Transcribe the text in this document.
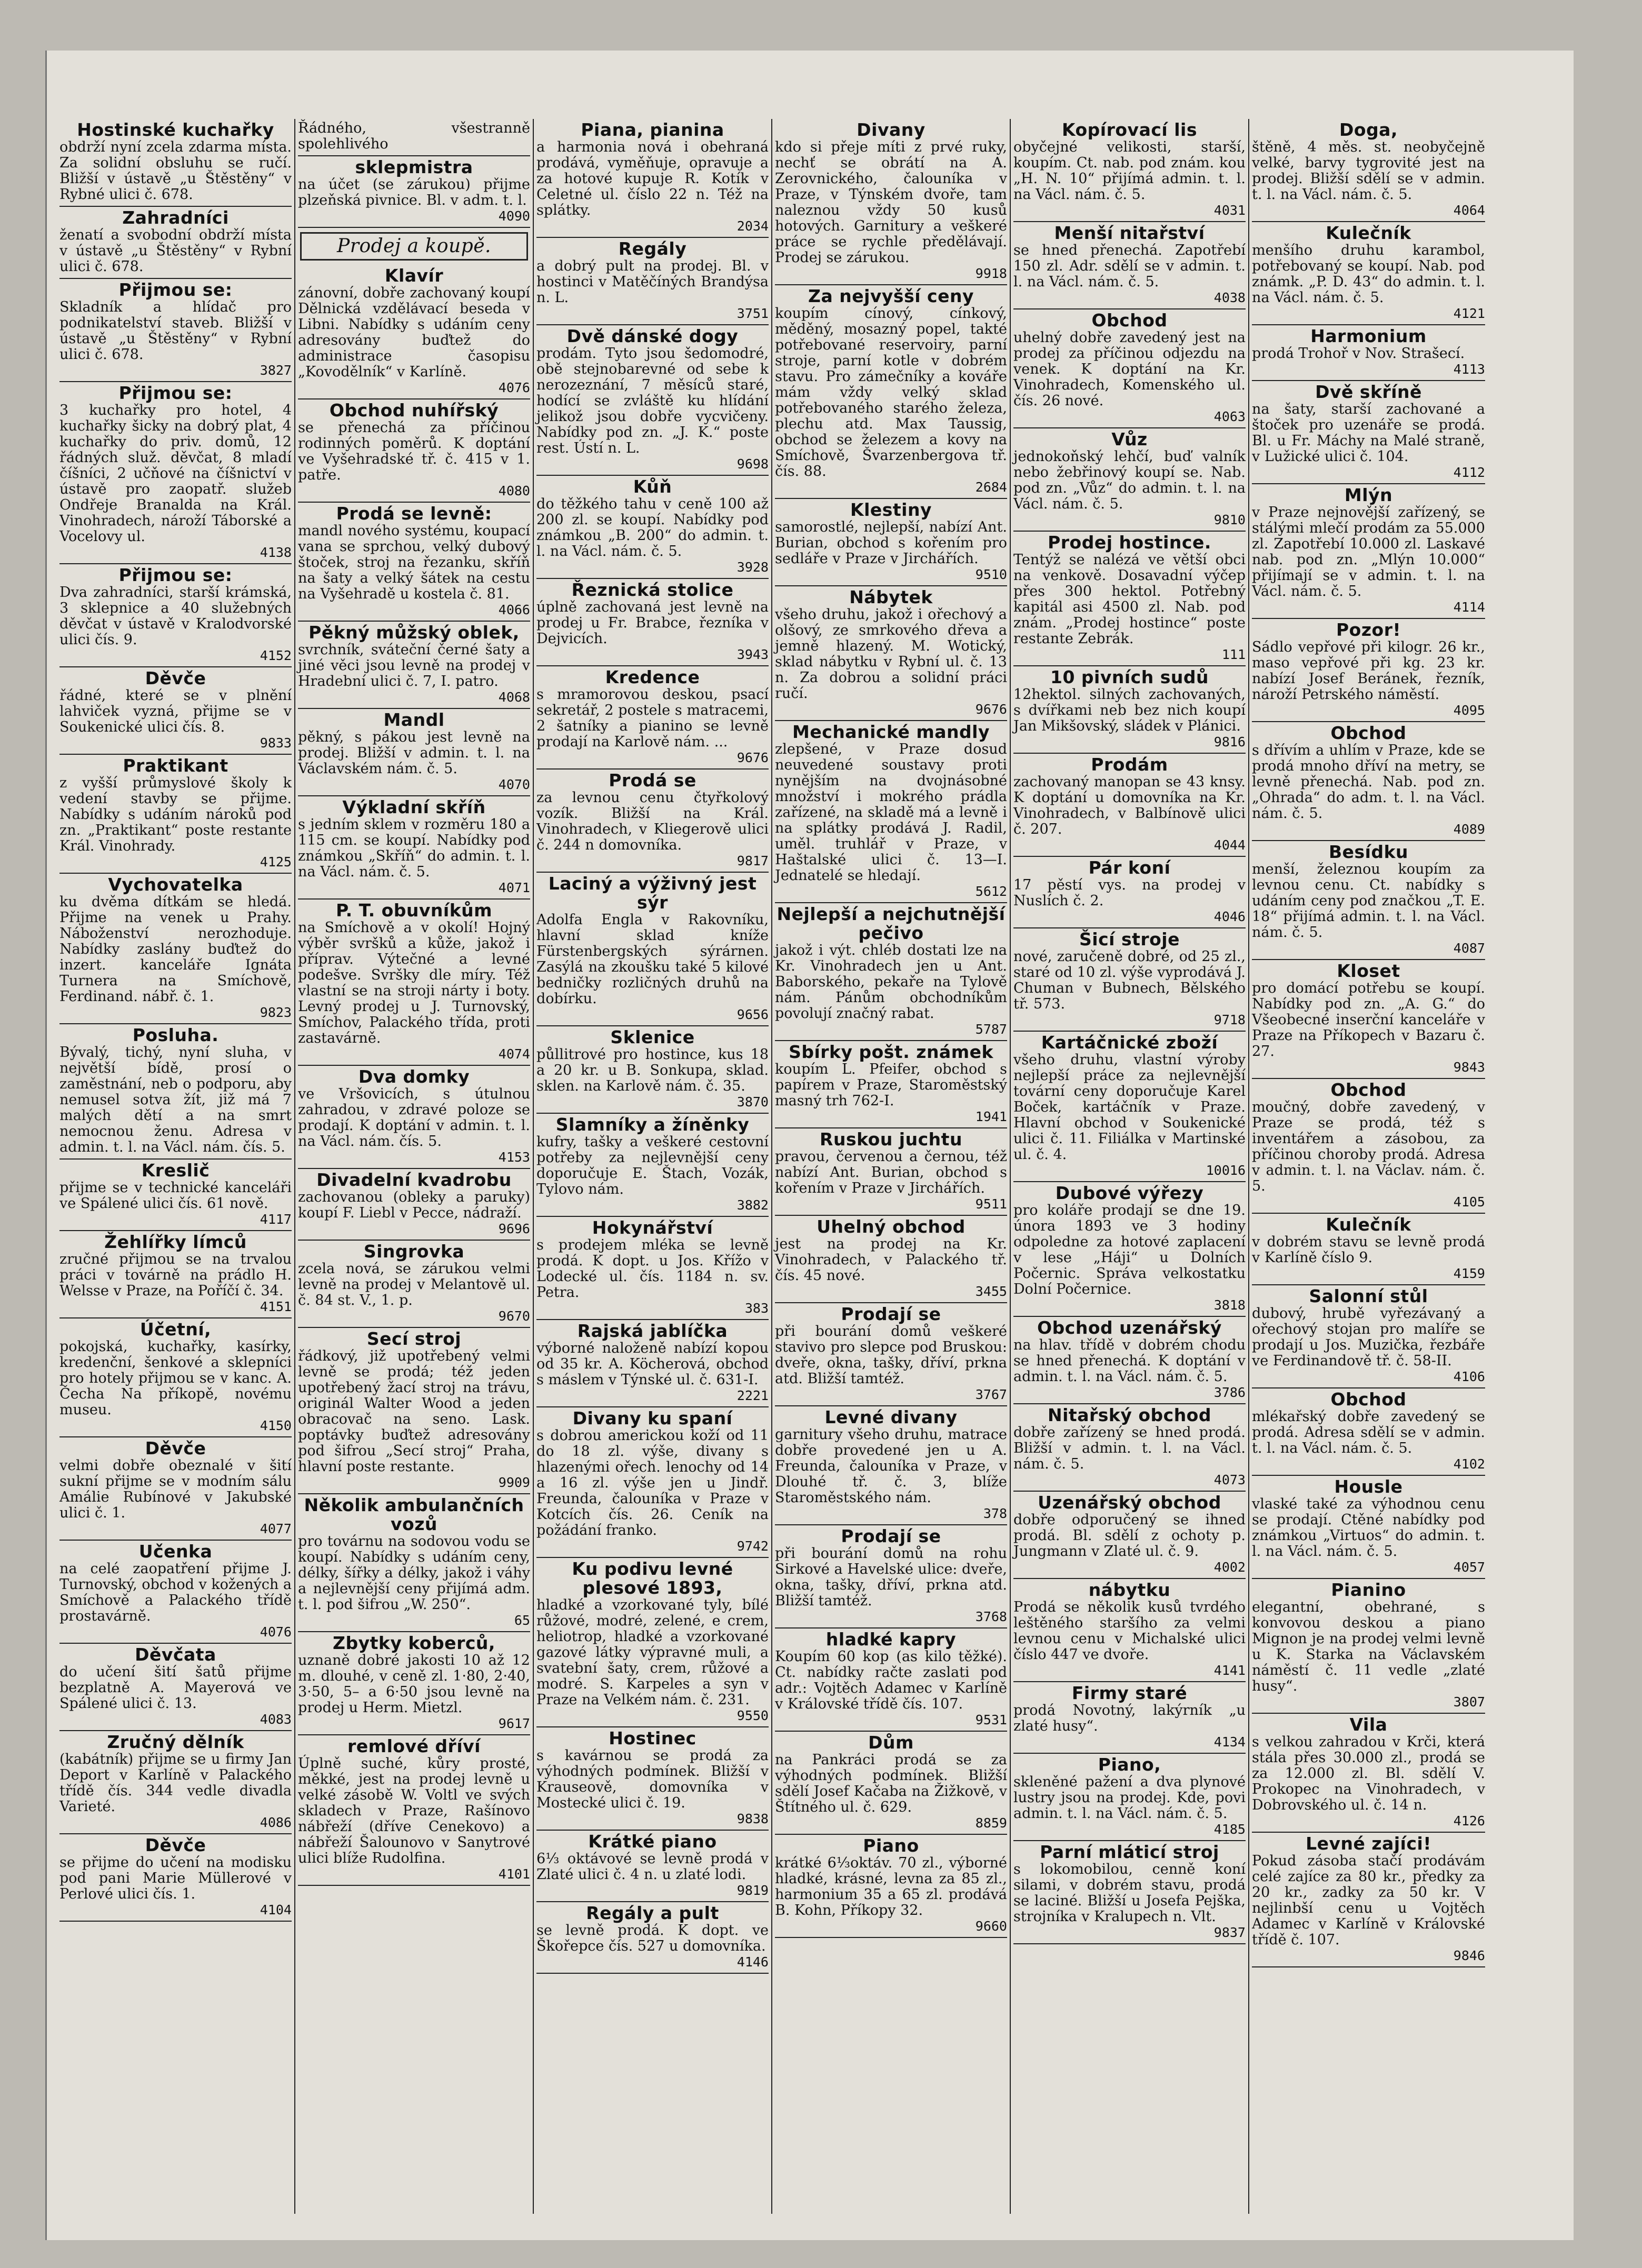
Hostinské kuchařky

obdrží nyní zcela zdarma místa. Za solidní obsluhu se ručí. Bližší v ústavě „u Štěstěny“ v Rybné ulici č. 678.

Zahradníci

ženatí a svobodní obdrží místa v ústavě „u Štěstěny“ v Rybní ulici č. 678.

Přijmou se:

Skladník a hlídač pro podnikatelství staveb. Bližší v ústavě „u Štěstěny“ v Rybní ulici č. 678.

3827
Přijmou se:

3 kuchařky pro hotel, 4 kuchařky šicky na dobrý plat, 4 kuchařky do priv. domů, 12 řádných služ. děvčat, 8 mladí číšníci, 2 učňové na číšnictví v ústavě pro zaopatř. služeb Ondřeje Branalda na Král. Vinohradech, nároží Táborské a Vocelovy ul.

4138
Přijmou se:

Dva zahradníci, starší krámská, 3 sklepnice a 40 služebných děvčat v ústavě v Kralodvorské ulici čís. 9.

4152
Děvče

řádné, které se v plnění lahviček vyzná, přijme se v Soukenické ulici čís. 8.

9833
Praktikant

z vyšší průmyslové školy k vedení stavby se přijme. Nabídky s udáním nároků pod zn. „Praktikant“ poste restante Král. Vinohrady.

4125
Vychovatelka

ku dvěma dítkám se hledá. Přijme na venek u Prahy. Náboženství nerozhoduje. Nabídky zaslány buďtež do inzert. kanceláře Ignáta Turnera na Smíchově, Ferdinand. nábř. č. 1.

9823
Posluha.

Bývalý, tichý, nyní sluha, v největší bídě, prosí o zaměstnání, neb o podporu, aby nemusel sotva žít, již má 7 malých dětí a na smrt nemocnou ženu. Adresa v admin. t. l. na Václ. nám. čís. 5.

Kreslič

přijme se v technické kanceláři ve Spálené ulici čís. 61 nově.

4117
Žehlířky límců

zručné přijmou se na trvalou práci v továrně na prádlo H. Welsse v Praze, na Poříčí č. 34.

4151
Účetní,

pokojská, kuchařky, kasírky, kredenční, šenkové a sklepníci pro hotely přijmou se v kanc. A. Čecha Na příkopě, novému museu.

4150
Děvče

velmi dobře obeznalé v šití sukní přijme se v modním sálu Amálie Rubínové v Jakubské ulici č. 1.

4077
Učenka

na celé zaopatření přijme J. Turnovský, obchod v kožených a Smíchově a Palackého třídě prostavárně.

4076
Děvčata

do učení šití šatů přijme bezplatně A. Mayerová ve Spálené ulici č. 13.

4083
Zručný dělník

(kabátník) přijme se u firmy Jan Deport v Karlíně v Palackého třídě čís. 344 vedle divadla Varieté.

4086
Děvče

se přijme do učení na modisku pod pani Marie Müllerové v Perlové ulici čís. 1.

4104

Řádného, všestranně spolehlivého

sklepmistra

na účet (se zárukou) přijme plzeňská pivnice. Bl. v adm. t. l.

4090
Prodej a koupě.
Klavír

zánovní, dobře zachovaný koupí Dělnická vzdělávací beseda v Libni. Nabídky s udáním ceny adresovány buďtež do administrace časopisu „Kovodělník“ v Karlíně.

4076
Obchod nuhířský

se přenechá za příčinou rodinných poměrů. K doptání ve Vyšehradské tř. č. 415 v 1. patře.

4080
Prodá se levně:

mandl nového systému, koupací vana se sprchou, velký dubový štoček, stroj na řezanku, skříň na šaty a velký šátek na cestu na Vyšehradě u kostela č. 81.

4066
Pěkný můžský oblek,

svrchník, sváteční černé šaty a jiné věci jsou levně na prodej v Hradební ulici č. 7, I. patro.

4068
Mandl

pěkný, s pákou jest levně na prodej. Bližší v admin. t. l. na Václavském nám. č. 5.

4070
Výkladní skříň

s jedním sklem v rozměru 180 a 115 cm. se koupí. Nabídky pod známkou „Skříň“ do admin. t. l. na Václ. nám. č. 5.

4071
P. T. obuvníkům

na Smíchově a v okolí! Hojný výběr svršků a kůže, jakož i příprav. Výtečné a levné podešve. Svršky dle míry. Též vlastní se na stroji nárty i boty. Levný prodej u J. Turnovský, Smíchov, Palackého třída, proti zastavárně.

4074
Dva domky

ve Vršovicích, s útulnou zahradou, v zdravé poloze se prodají. K doptání v admin. t. l. na Václ. nám. čís. 5.

4153
Divadelní kvadrobu

zachovanou (obleky a paruky) koupí F. Liebl v Pecce, nádraží.

9696
Singrovka

zcela nová, se zárukou velmi levně na prodej v Melantově ul. č. 84 st. V., 1. p.

9670
Secí stroj

řádkový, již upotřebený velmi levně se prodá; též jeden upotřebený žací stroj na trávu, originál Walter Wood a jeden obracovač na seno. Lask. poptávky buďtež adresovány pod šifrou „Secí stroj“ Praha, hlavní poste restante.

9909
Několik ambulančních vozů

pro továrnu na sodovou vodu se koupí. Nabídky s udáním ceny, délky, šířky a délky, jakož i váhy a nejlevnější ceny přijímá adm. t. l. pod šifrou „W. 250“.

65
Zbytky koberců,

uznaně dobré jakosti 10 až 12 m. dlouhé, v ceně zl. 1·80, 2·40, 3·50, 5– a 6·50 jsou levně na prodej u Herm. Mietzl.

9617
remlové dříví

Úplně suché, kůry prosté, měkké, jest na prodej levně u velké zásobě W. Voltl ve svých skladech v Praze, Rašínovo nábřeží (dříve Cenekovo) a nábřeží Šalounovo v Sanytrové ulici blíže Rudolfina.

4101
Piana, pianina

a harmonia nová i obehraná prodává, vyměňuje, opravuje a za hotové kupuje R. Kotík v Celetné ul. číslo 22 n. Též na splátky.

2034
Regály

a dobrý pult na prodej. Bl. v hostinci v Matěčíných Brandýsa n. L.

3751
Dvě dánské dogy

prodám. Tyto jsou šedomodré, obě stejnobarevné od sebe k nerozeznání, 7 měsíců staré, hodící se zvláště ku hlídání jelikož jsou dobře vycvičeny. Nabídky pod zn. „J. K.“ poste rest. Ústí n. L.

9698
Kůň

do těžkého tahu v ceně 100 až 200 zl. se koupí. Nabídky pod známkou „B. 200“ do admin. t. l. na Václ. nám. č. 5.

3928
Řeznická stolice

úplně zachovaná jest levně na prodej u Fr. Brabce, řezníka v Dejvicích.

3943
Kredence

s mramorovou deskou, psací sekretář, 2 postele s matracemi, 2 šatníky a pianino se levně prodají na Karlově nám. ...

9676
Prodá se

za levnou cenu čtyřkolový vozík. Bližší na Král. Vinohradech, v Kliegerově ulici č. 244 n domovníka.

9817
Laciný a výživný jest sýr

Adolfa Engla v Rakovníku, hlavní sklad kníže Fürstenbergských sýrárnen. Zasýlá na zkoušku také 5 kilové bedničky rozličných druhů na dobírku.

9656
Sklenice

půllitrové pro hostince, kus 18 a 20 kr. u B. Sonkupa, sklad. sklen. na Karlově nám. č. 35.

3870
Slamníky a žíněnky

kufry, tašky a veškeré cestovní potřeby za nejlevnější ceny doporučuje E. Štach, Vozák, Tylovo nám.

3882
Hokynářství

s prodejem mléka se levně prodá. K dopt. u Jos. Křížo v Lodecké ul. čís. 1184 n. sv. Petra.

383
Rajská jablíčka

výborné naloženě nabízí kopou od 35 kr. A. Köcherová, obchod s máslem v Týnské ul. č. 631-I.

2221
Divany ku spaní

s dobrou americkou koží od 11 do 18 zl. výše, divany s hlazenými ořech. lenochy od 14 a 16 zl. výše jen u Jindř. Freunda, čalouníka v Praze v Kotcích čís. 26. Ceník na požádání franko.

9742
Ku podivu levné plesové 1893,

hladké a vzorkované tyly, bílé růžové, modré, zelené, e crem, heliotrop, hladké a vzorkované gazové látky výpravné muli, a svatební šaty, crem, růžové a modré. S. Karpeles a syn v Praze na Velkém nám. č. 231.

9550
Hostinec

s kavárnou se prodá za výhodných podmínek. Bližší v Krauseově, domovníka v Mostecké ulici č. 19.

9838
Krátké piano

6⅓ oktávové se levně prodá v Zlaté ulici č. 4 n. u zlaté lodi.

9819
Regály a pult

se levně prodá. K dopt. ve Škořepce čís. 527 u domovníka.

4146
Divany

kdo si přeje míti z prvé ruky, nechť se obrátí na A. Zerovnického, čalouníka v Praze, v Týnském dvoře, tam naleznou vždy 50 kusů hotových. Garnitury a veškeré práce se rychle předělávají. Prodej se zárukou.

9918
Za nejvyšší ceny

koupím cínový, cínkový, měděný, mosazný popel, takté potřebované reservoiry, parní stroje, parní kotle v dobrém stavu. Pro zámečníky a kováře mám vždy velký sklad potřebovaného starého železa, plechu atd. Max Taussig, obchod se železem a kovy na Smíchově, Švarzenbergova tř. čís. 88.

2684
Klestiny

samorostlé, nejlepší, nabízí Ant. Burian, obchod s kořením pro sedláře v Praze v Jirchářích.

9510
Nábytek

všeho druhu, jakož i ořechový a olšový, ze smrkového dřeva a jemně hlazený. M. Wotický, sklad nábytku v Rybní ul. č. 13 n. Za dobrou a solidní práci ručí.

9676
Mechanické mandly

zlepšené, v Praze dosud neuvedené soustavy proti nynějším na dvojnásobné množství i mokrého prádla zařízené, na skladě má a levně i na splátky prodává J. Radil, uměl. truhlář v Praze, v Haštalské ulici č. 13—I. Jednatelé se hledají.

5612
Nejlepší a nejchutnější pečivo

jakož i výt. chléb dostati lze na Kr. Vinohradech jen u Ant. Baborského, pekaře na Tylově nám. Pánům obchodníkům povolují značný rabat.

5787
Sbírky pošt. známek

koupím L. Pfeifer, obchod s papírem v Praze, Staroměstský masný trh 762-I.

1941
Ruskou juchtu

pravou, červenou a černou, též nabízí Ant. Burian, obchod s kořením v Praze v Jirchářích.

9511
Uhelný obchod

jest na prodej na Kr. Vinohradech, v Palackého tř. čís. 45 nové.

3455
Prodají se

při bourání domů veškeré stavivo pro slepce pod Bruskou: dveře, okna, tašky, dříví, prkna atd. Bližší tamtéž.

3767
Levné divany

garnitury všeho druhu, matrace dobře provedené jen u A. Freunda, čalouníka v Praze, v Dlouhé tř. č. 3, blíže Staroměstského nám.

378
Prodají se

při bourání domů na rohu Sirkové a Havelské ulice: dveře, okna, tašky, dříví, prkna atd. Bližší tamtéž.

3768
hladké kapry

Koupím 60 kop (as kilo těžké). Ct. nabídky račte zaslati pod adr.: Vojtěch Adamec v Karlíně v Královské třídě čís. 107.

9531
Dům

na Pankráci prodá se za výhodných podmínek. Bližší sdělí Josef Kačaba na Žižkově, v Štítného ul. č. 629.

8859
Piano

krátké 6⅓oktáv. 70 zl., výborné hladké, krásné, levna za 85 zl., harmonium 35 a 65 zl. prodává B. Kohn, Příkopy 32.

9660
Kopírovací lis

obyčejné velikosti, starší, koupím. Ct. nab. pod znám. kou „H. N. 10“ přijímá admin. t. l. na Václ. nám. č. 5.

4031
Menší nitařství

se hned přenechá. Zapotřebí 150 zl. Adr. sdělí se v admin. t. l. na Václ. nám. č. 5.

4038
Obchod

uhelný dobře zavedený jest na prodej za příčinou odjezdu na venek. K doptání na Kr. Vinohradech, Komenského ul. čís. 26 nové.

4063
Vůz

jednokoňský lehčí, buď valník nebo žebřinový koupí se. Nab. pod zn. „Vůz“ do admin. t. l. na Václ. nám. č. 5.

9810
Prodej hostince.

Tentýž se nalézá ve větší obci na venkově. Dosavadní výčep přes 300 hektol. Potřebný kapitál asi 4500 zl. Nab. pod znám. „Prodej hostince“ poste restante Zebrák.

111
10 pivních sudů

12hektol. silných zachovaných, s dvířkami neb bez nich koupí Jan Mikšovský, sládek v Plánici.

9816
Prodám

zachovaný manopan se 43 knsy. K doptání u domovníka na Kr. Vinohradech, v Balbínově ulici č. 207.

4044
Pár koní

17 pěstí vys. na prodej v Nuslích č. 2.

4046
Šicí stroje

nové, zaručeně dobré, od 25 zl., staré od 10 zl. výše vyprodává J. Chuman v Bubnech, Bělského tř. 573.

9718
Kartáčnické zboží

všeho druhu, vlastní výroby nejlepší práce za nejlevnější tovární ceny doporučuje Karel Boček, kartáčník v Praze. Hlavní obchod v Soukenické ulici č. 11. Filiálka v Martinské ul. č. 4.

10016
Dubové výřezy

pro koláře prodají se dne 19. února 1893 ve 3 hodiny odpoledne za hotové zaplacení v lese „Háji“ u Dolních Počernic. Správa velkostatku Dolní Počernice.

3818
Obchod uzenářský

na hlav. třídě v dobrém chodu se hned přenechá. K doptání v admin. t. l. na Václ. nám. č. 5.

3786
Nitařský obchod

dobře zařízený se hned prodá. Bližší v admin. t. l. na Václ. nám. č. 5.

4073
Uzenářský obchod

dobře odporučený se ihned prodá. Bl. sdělí z ochoty p. Jungmann v Zlaté ul. č. 9.

4002
nábytku

Prodá se několik kusů tvrdého leštěného staršího za velmi levnou cenu v Michalské ulici číslo 447 ve dvoře.

4141
Firmy staré

prodá Novotný, lakýrník „u zlaté husy“.

4134
Piano,

skleněné pažení a dva plynové lustry jsou na prodej. Kde, povi admin. t. l. na Václ. nám. č. 5.

4185
Parní mláticí stroj

s lokomobilou, cenně koní silami, v dobrém stavu, prodá se laciné. Bližší u Josefa Pejška, strojníka v Kralupech n. Vlt.

9837
Doga,

štěně, 4 měs. st. neobyčejně velké, barvy tygrovité jest na prodej. Bližší sdělí se v admin. t. l. na Václ. nám. č. 5.

4064
Kulečník

menšího druhu karambol, potřebovaný se koupí. Nab. pod známk. „P. D. 43“ do admin. t. l. na Václ. nám. č. 5.

4121
Harmonium

prodá Trohoř v Nov. Strašecí.

4113
Dvě skříně

na šaty, starší zachované a štoček pro uzenáře se prodá. Bl. u Fr. Máchy na Malé straně, v Lužické ulici č. 104.

4112
Mlýn

v Praze nejnovější zařízený, se stálými mlečí prodám za 55.000 zl. Zapotřebí 10.000 zl. Laskavé nab. pod zn. „Mlýn 10.000“ přijímají se v admin. t. l. na Václ. nám. č. 5.

4114
Pozor!

Sádlo vepřové při kilogr. 26 kr., maso vepřové při kg. 23 kr. nabízí Josef Beránek, řezník, nároží Petrského náměstí.

4095
Obchod

s dřívím a uhlím v Praze, kde se prodá mnoho dříví na metry, se levně přenechá. Nab. pod zn. „Ohrada“ do adm. t. l. na Václ. nám. č. 5.

4089
Besídku

menší, železnou koupím za levnou cenu. Ct. nabídky s udáním ceny pod značkou „T. E. 18“ přijímá admin. t. l. na Václ. nám. č. 5.

4087
Kloset

pro domácí potřebu se koupí. Nabídky pod zn. „A. G.“ do Všeobecné inserční kanceláře v Praze na Příkopech v Bazaru č. 27.

9843
Obchod

moučný, dobře zavedený, v Praze se prodá, též s inventářem a zásobou, za příčinou choroby prodá. Adresa v admin. t. l. na Václav. nám. č. 5.

4105
Kulečník

v dobrém stavu se levně prodá v Karlíně číslo 9.

4159
Salonní stůl

dubový, hrubě vyřezávaný a ořechový stojan pro malíře se prodají u Jos. Muzička, řezbáře ve Ferdinandově tř. č. 58-II.

4106
Obchod

mlékařský dobře zavedený se prodá. Adresa sdělí se v admin. t. l. na Václ. nám. č. 5.

4102
Housle

vlaské také za výhodnou cenu se prodají. Ctěné nabídky pod známkou „Virtuos“ do admin. t. l. na Václ. nám. č. 5.

4057
Pianino

elegantní, obehrané, s konvovou deskou a piano Mignon je na prodej velmi levně u K. Starka na Václavském náměstí č. 11 vedle „zlaté husy“.

3807
Vila

s velkou zahradou v Krči, která stála přes 30.000 zl., prodá se za 12.000 zl. Bl. sdělí V. Prokopec na Vinohradech, v Dobrovského ul. č. 14 n.

4126
Levné zajíci!

Pokud zásoba stačí prodávám celé zajíce za 80 kr., předky za 20 kr., zadky za 50 kr. V nejlinbší cenu u Vojtěch Adamec v Karlíně v Královské třídě č. 107.

9846
